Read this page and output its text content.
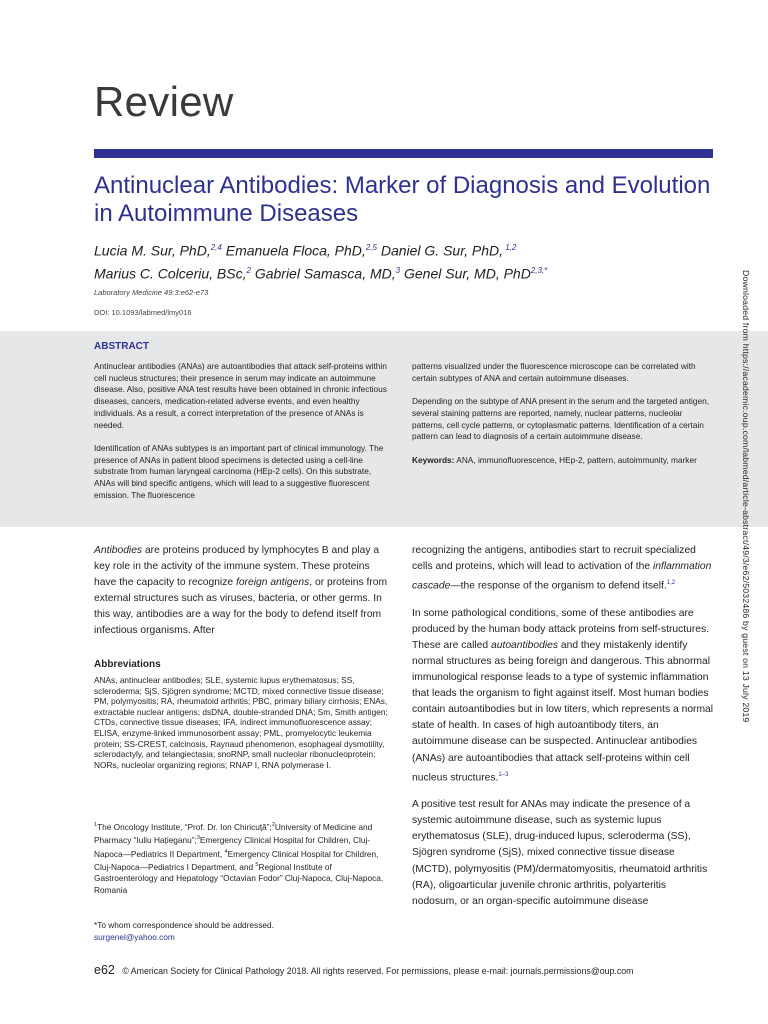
Review
Antinuclear Antibodies: Marker of Diagnosis and Evolution in Autoimmune Diseases
Lucia M. Sur, PhD,$^{2,4}$ Emanuela Floca, PhD,$^{2,5}$ Daniel G. Sur, PhD, $^{1,2}$
Marius C. Colceriu, BSc,$^2$ Gabriel Samasca, MD,$^3$ Genel Sur, MD, PhD$^{2,3,*}$
Laboratory Medicine 49:3:e62-e73
DOI: 10.1093/labmed/lmy016
ABSTRACT

Antinuclear antibodies (ANAs) are autoantibodies that attack self-proteins within cell nucleus structures; their presence in serum may indicate an autoimmune disease. Also, positive ANA test results have been obtained in chronic infectious diseases, cancers, medication-related adverse events, and even healthy individuals. As a result, a correct interpretation of the presence of ANAs is needed.

Identification of ANAs subtypes is an important part of clinical immunology. The presence of ANAs in patient blood specimens is detected using a cell-line substrate from human laryngeal carcinoma (HEp-2 cells). On this substrate, ANAs will bind specific antigens, which will lead to a suggestive fluorescent emission. The fluorescence

patterns visualized under the fluorescence microscope can be correlated with certain subtypes of ANA and certain autoimmune diseases.

Depending on the subtype of ANA present in the serum and the targeted antigen, several staining patterns are reported, namely, nuclear patterns, nucleolar patterns, cell cycle patterns, or cytoplasmatic patterns. Identification of a certain pattern can lead to diagnosis of a certain autoimmune disease.

Keywords: ANA, immunofluorescence, HEp-2, pattern, autoimmunity, marker

Antibodies are proteins produced by lymphocytes B and play a key role in the activity of the immune system. These proteins have the capacity to recognize foreign antigens, or proteins from external structures such as viruses, bacteria, or other germs. In this way, antibodies are a way for the body to defend itself from infectious organisms. After

Abbreviations
ANAs, antinuclear antibodies; SLE, systemic lupus erythematosus; SS, scleroderma; SjS, Sjögren syndrome; MCTD, mixed connective tissue disease; PM, polymyositis; RA, rheumatoid arthritis; PBC, primary biliary cirrhosis; ENAs, extractable nuclear antigens; dsDNA, double-stranded DNA; Sm, Smith antigen; CTDs, connective tissue diseases; IFA, indirect immunofluorescence assay; ELISA, enzyme-linked immunosorbent assay; PML, promyelocytic leukemia protein; SS-CREST, calcinosis, Raynaud phenomenon, esophageal dysmotility, sclerodactyly, and telangiectasia; snoRNP, small nucleolar ribonucleoprotein; NORs, nucleolar organizing regions; RNAP I, RNA polymerase I.
$^1$The Oncology Institute, “Prof. Dr. Ion Chiricuță”;$^2$University of Medicine and Pharmacy “Iuliu Hațieganu”;$^3$Emergency Clinical Hospital for Children, Cluj-Napoca—Pediatrics II Department, $^4$Emergency Clinical Hospital for Children, Cluj-Napoca—Pediatrics I Department, and $^5$Regional Institute of Gastroenterology and Hepatology “Octavian Fodor” Cluj-Napoca, Cluj-Napoca, Romania
*To whom correspondence should be addressed.
surgenel@yahoo.com

recognizing the antigens, antibodies start to recruit specialized cells and proteins, which will lead to activation of the inflammation cascade—the response of the organism to defend itself.$^{1,2}$

In some pathological conditions, some of these antibodies are produced by the human body attack proteins from self-structures. These are called autoantibodies and they mistakenly identify normal structures as being foreign and dangerous. This abnormal immunological response leads to a type of systemic inflammation that leads the organism to fight against itself. Most human bodies contain autoantibodies but in low titers, which represents a normal state of health. In cases of high autoantibody titers, an autoimmune disease can be suspected. Antinuclear antibodies (ANAs) are autoantibodies that attack self-proteins within cell nucleus structures.$^{1-3}$

A positive test result for ANAs may indicate the presence of a systemic autoimmune disease, such as systemic lupus erythematosus (SLE), drug-induced lupus, scleroderma (SS), Sjögren syndrome (SjS), mixed connective tissue disease (MCTD), polymyositis (PM)/dermatomyositis, rheumatoid arthritis (RA), oligoarticular juvenile chronic arthritis, polyarteritis nodosum, or an organ-specific autoimmune disease

e62 © American Society for Clinical Pathology 2018. All rights reserved. For permissions, please e-mail: journals.permissions@oup.com
Downloaded from https://academic.oup.com/labmed/article-abstract/49/3/e62/5032486 by guest on 13 July 2019
